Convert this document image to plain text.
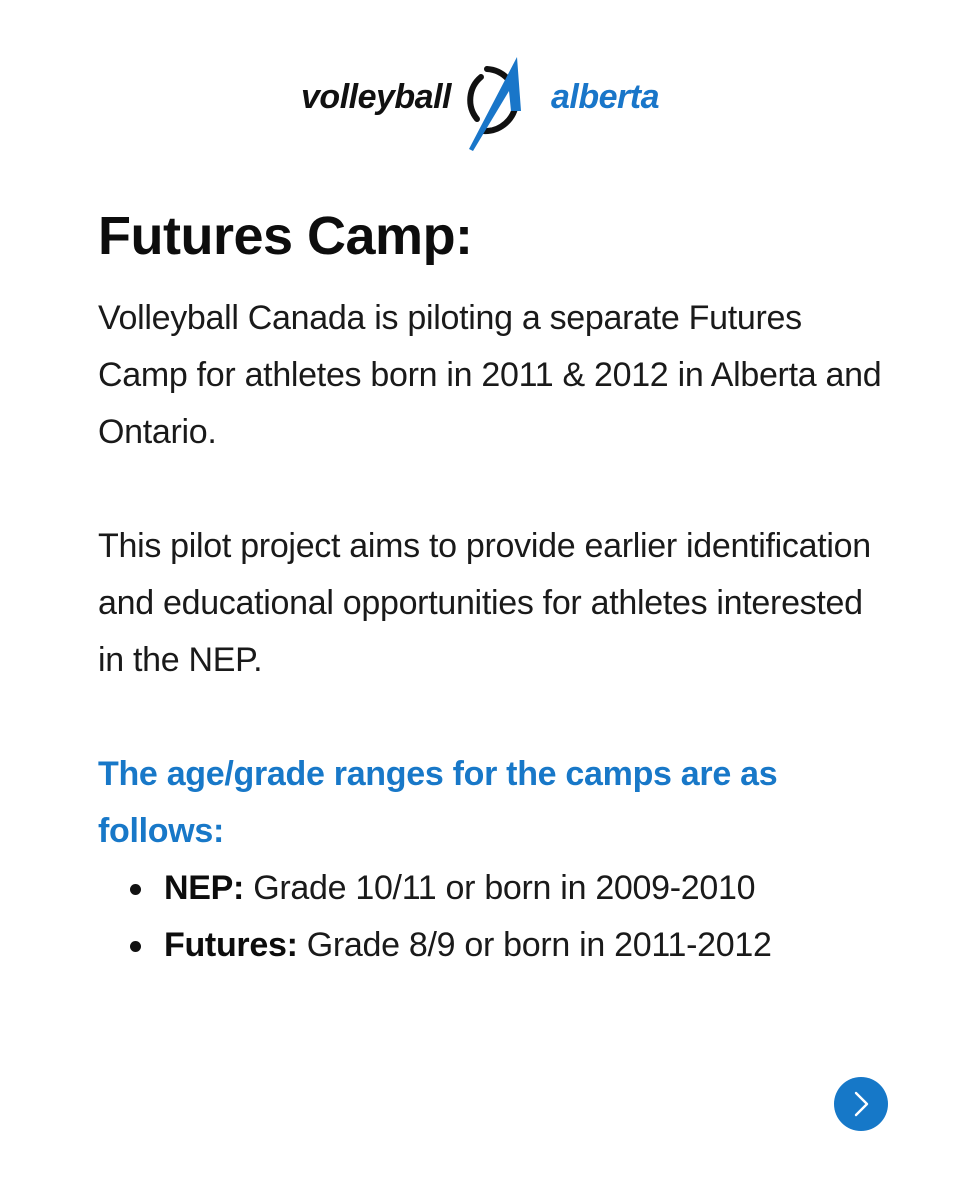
volleyball	alberta
Futures Camp:

Volleyball Canada is piloting a separate Futures Camp for athletes born in 2011 & 2012 in Alberta and Ontario.

This pilot project aims to provide earlier identification and educational opportunities for athletes interested in the NEP.

The age/grade ranges for the camps are as follows:

NEP: Grade 10/11 or born in 2009-2010
Futures: Grade 8/9 or born in 2011-2012
